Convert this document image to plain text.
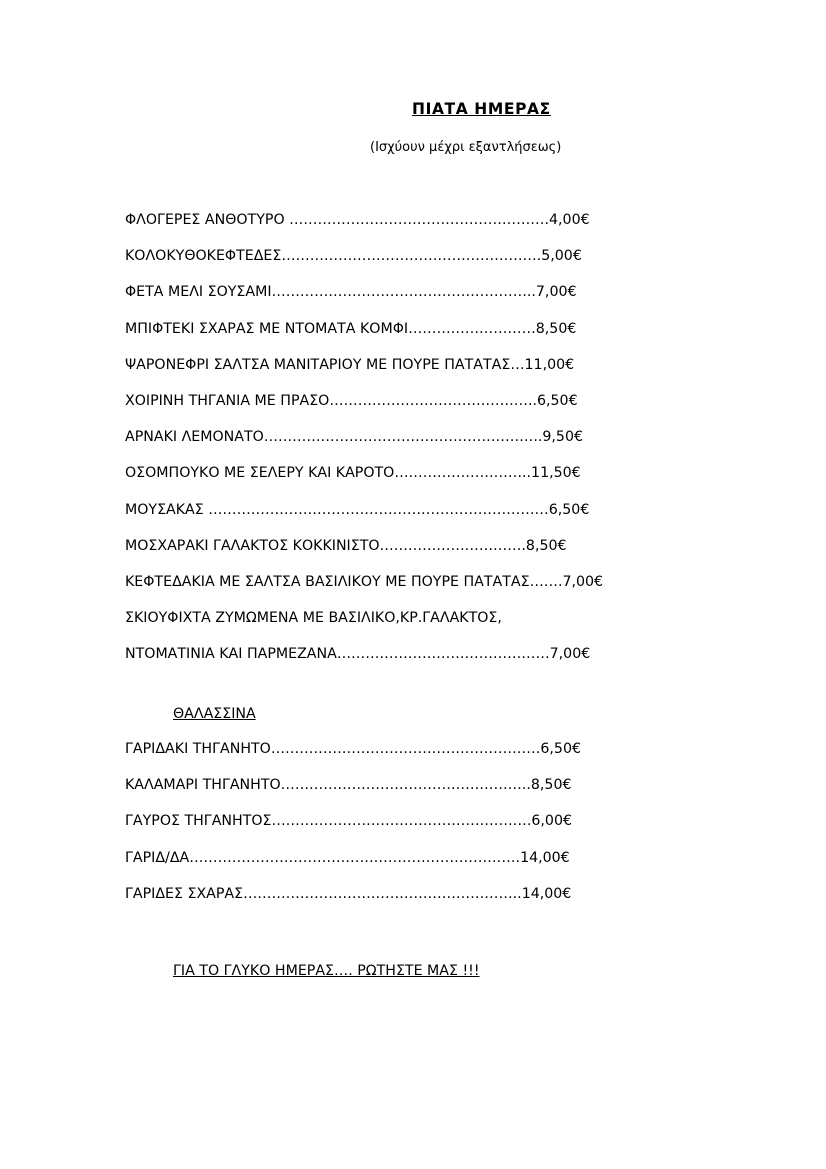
ΠΙΑΤΑ ΗΜΕΡΑΣ
(Ισχύουν μέχρι εξαντλήσεως)
ΦΛΟΓΕΡΕΣ ΑΝΘΟΤΥΡΟ ……………………………………………….4,00€
ΚΟΛΟΚΥΘΟΚΕΦΤΕΔΕΣ……………………………………………….5,00€
ΦΕΤΑ ΜΕΛΙ ΣΟΥΣΑΜΙ………………………………………………..7,00€
ΜΠΙΦΤΕΚΙ ΣΧΑΡΑΣ ΜΕ ΝΤΟΜΑΤΑ ΚΟΜΦΙ………………………8,50€
ΨΑΡΟΝΕΦΡΙ ΣΑΛΤΣΑ ΜΑΝΙΤΑΡΙΟΥ ΜΕ ΠΟΥΡΕ ΠΑΤΑΤΑΣ…11,00€
ΧΟΙΡΙΝΗ ΤΗΓΑΝΙΑ ΜΕ ΠΡΑΣΟ……………………………………..6,50€
ΑΡΝΑΚΙ ΛΕΜΟΝΑΤΟ…………………………………………………..9,50€
ΟΣΟΜΠΟΥΚΟ ΜΕ ΣΕΛΕΡΥ ΚΑΙ ΚΑΡΟΤΟ………………………..11,50€
ΜΟΥΣΑΚΑΣ ………………………………………………………………6,50€
ΜΟΣΧΑΡΑΚΙ ΓΑΛΑΚΤΟΣ ΚΟΚΚΙΝΙΣΤΟ………………………….8,50€
ΚΕΦΤΕΔΑΚΙΑ ΜΕ ΣΑΛΤΣΑ ΒΑΣΙΛΙΚΟΥ ΜΕ ΠΟΥΡΕ ΠΑΤΑΤΑΣ…….7,00€
ΣΚΙΟΥΦΙΧΤΑ ΖΥΜΩΜΕΝΑ ΜΕ ΒΑΣΙΛΙΚΟ,ΚΡ.ΓΑΛΑΚΤΟΣ,
ΝΤΟΜΑΤΙΝΙΑ ΚΑΙ ΠΑΡΜΕΖΑΝΑ………………………………………7,00€
ΘΑΛΑΣΣΙΝΑ
ΓΑΡΙΔΑΚΙ ΤΗΓΑΝΗΤΟ…………………………………………………6,50€
ΚΑΛΑΜΑΡΙ ΤΗΓΑΝΗΤΟ……………………………………………..8,50€
ΓΑΥΡΟΣ ΤΗΓΑΝΗΤΟΣ……………………………………………….6,00€
ΓΑΡΙΔ/ΔΑ…………………………………………………………….14,00€
ΓΑΡΙΔΕΣ ΣΧΑΡΑΣ…………………………………………………..14,00€
ΓΙΑ ΤΟ ΓΛΥΚΟ ΗΜΕΡΑΣ…. ΡΩΤΗΣΤΕ ΜΑΣ !!!
